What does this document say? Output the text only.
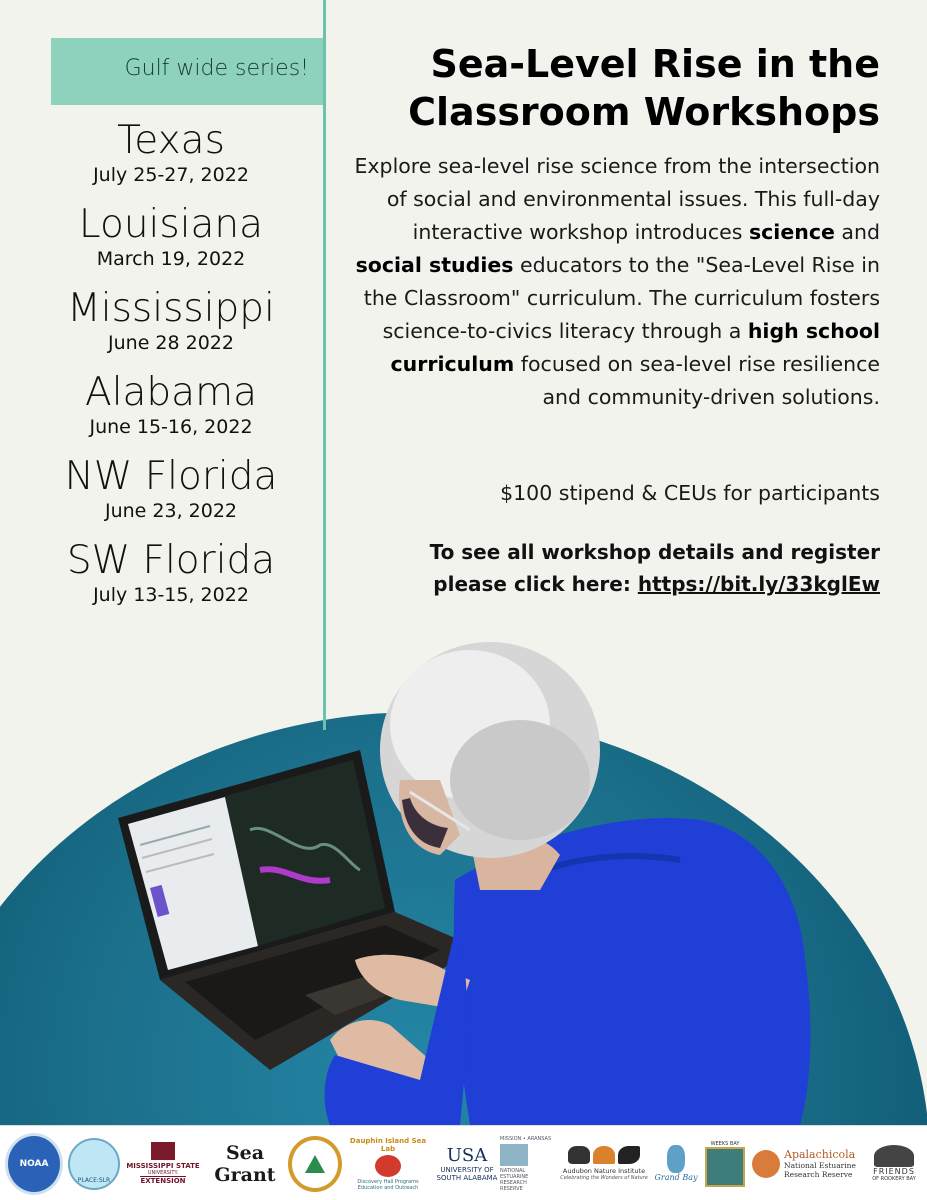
Gulf wide series!
Texas
July 25-27, 2022
Louisiana
March 19, 2022
Mississippi
June 28 2022
Alabama
June 15-16, 2022
NW Florida
June 23, 2022
SW Florida
July 13-15, 2022
Sea-Level Rise in the
Classroom Workshops
Explore sea-level rise science from the intersection of social and environmental issues. This full-day interactive workshop introduces science and social studies educators to the "Sea-Level Rise in the Classroom" curriculum. The curriculum fosters science-to-civics literacy through a high school curriculum focused on sea-level rise resilience and community-driven solutions.
$100 stipend & CEUs for participants
To see all workshop details and register please click here: https://bit.ly/33kglEw
NOAA
PLACE:SLR
MISSISSIPPI STATE
UNIVERSITY.
EXTENSION
Sea Grant
Dauphin Island Sea Lab
Discovery Hall Programs
Education and Outreach
USA
UNIVERSITY OF
SOUTH ALABAMA
MISSION • ARANSAS
NATIONAL
ESTUARINE
RESEARCH
RESERVE
Audubon Nature Institute
Celebrating the Wonders of Nature Grand Bay
WEEKS BAY
Apalachicola
National Estuarine
Research Reserve	FRIENDS
OF ROOKERY BAY
